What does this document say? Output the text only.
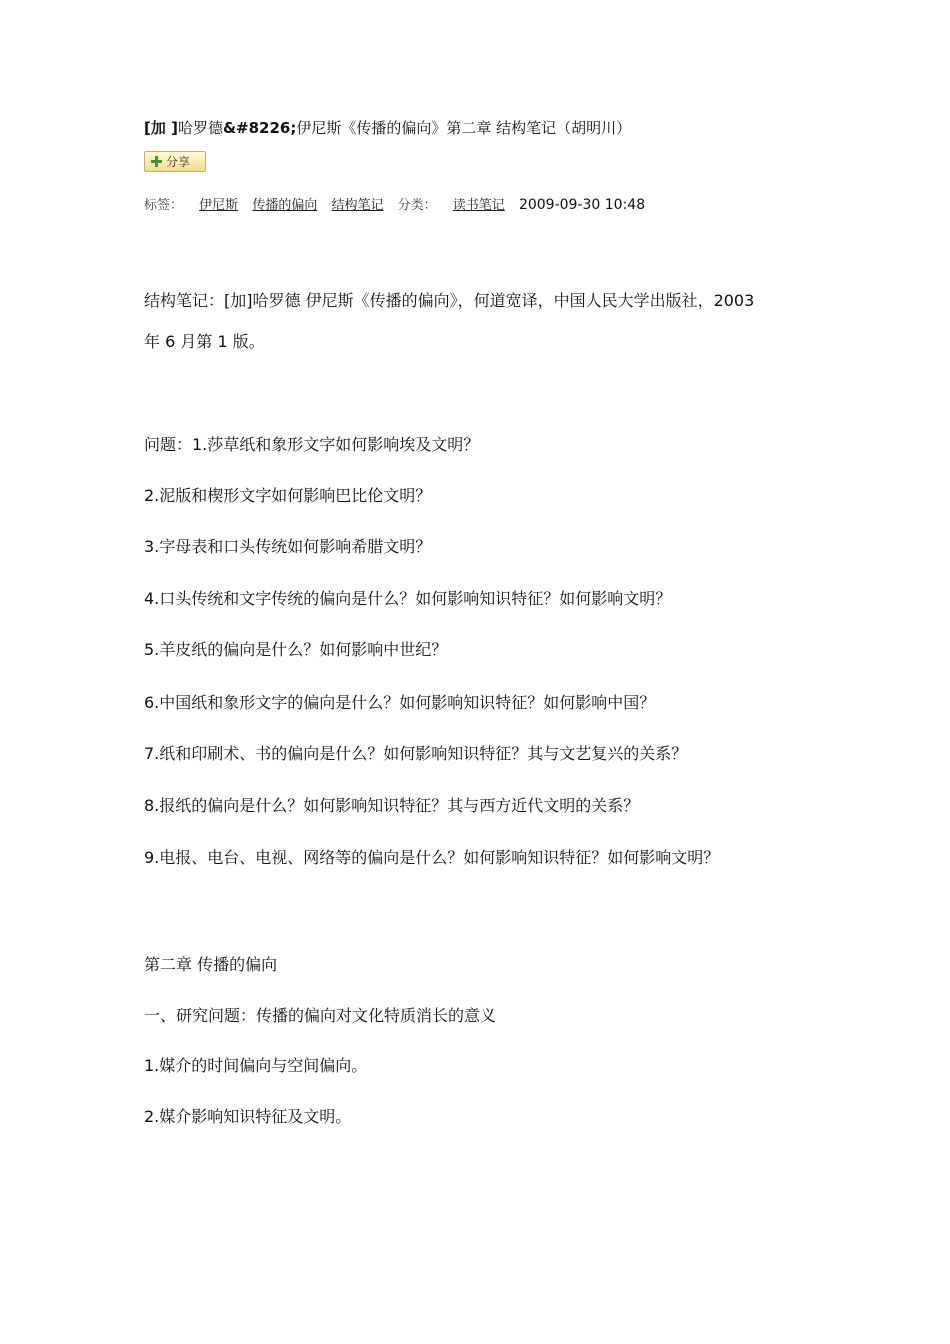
[加 ]哈罗德&#8226;伊尼斯《传播的偏向》第二章 结构笔记（胡明川）
分享
标签： 伊尼斯 传播的偏向 结构笔记 分类： 读书笔记 2009-09-30 10:48
结构笔记：[加]哈罗德 伊尼斯《传播的偏向》，何道宽译，中国人民大学出版社，2003
年 6 月第 1 版。
问题：1.莎草纸和象形文字如何影响埃及文明？
2.泥版和楔形文字如何影响巴比伦文明？
3.字母表和口头传统如何影响希腊文明？
4.口头传统和文字传统的偏向是什么？如何影响知识特征？如何影响文明？
5.羊皮纸的偏向是什么？如何影响中世纪？
6.中国纸和象形文字的偏向是什么？如何影响知识特征？如何影响中国？
7.纸和印刷术、书的偏向是什么？如何影响知识特征？其与文艺复兴的关系？
8.报纸的偏向是什么？如何影响知识特征？其与西方近代文明的关系？
9.电报、电台、电视、网络等的偏向是什么？如何影响知识特征？如何影响文明？
第二章 传播的偏向
一、研究问题：传播的偏向对文化特质消长的意义
1.媒介的时间偏向与空间偏向。
2.媒介影响知识特征及文明。
